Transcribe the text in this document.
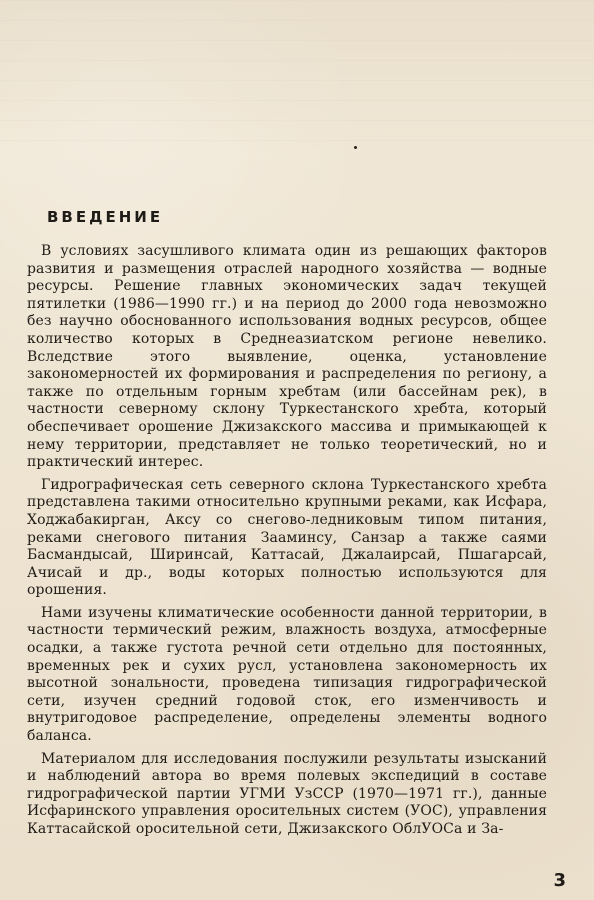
ВВЕДЕНИЕ

В условиях засушливого климата один из решающих факторов развития и размещения отраслей народного хозяйства — водные ресурсы. Решение главных экономических задач текущей пятилетки (1986—1990 гг.) и на период до 2000 года невозможно без научно обоснованного использования водных ресурсов, общее количество которых в Среднеазиатском регионе невелико. Вследствие этого выявление, оценка, установление закономерностей их формирования и распределения по региону, а также по отдельным горным хребтам (или бассейнам рек), в частности северному склону Туркестанского хребта, который обеспечивает орошение Джизакского массива и примыкающей к нему территории, представляет не только теоретический, но и практический интерес.

Гидрографическая сеть северного склона Туркестанского хребта представлена такими относительно крупными реками, как Исфара, Ходжабакирган, Аксу со снегово-ледниковым типом питания, реками снегового питания Зааминсу, Санзар а также саями Басмандысай, Ширинсай, Каттасай, Джалаирсай, Пшагарсай, Ачисай и др., воды которых полностью используются для орошения.

Нами изучены климатические особенности данной территории, в частности термический режим, влажность воздуха, атмосферные осадки, а также густота речной сети отдельно для постоянных, временных рек и сухих русл, установлена закономерность их высотной зональности, проведена типизация гидрографической сети, изучен средний годовой сток, его изменчивость и внутригодовое распределение, определены элементы водного баланса.

Материалом для исследования послужили результаты изысканий и наблюдений автора во время полевых экспедиций в составе гидрографической партии УГМИ УзССР (1970—1971 гг.), данные Исфаринского управления оросительных систем (УОС), управления Каттасайской оросительной сети, Джизакского ОблУОСа и За-

3
